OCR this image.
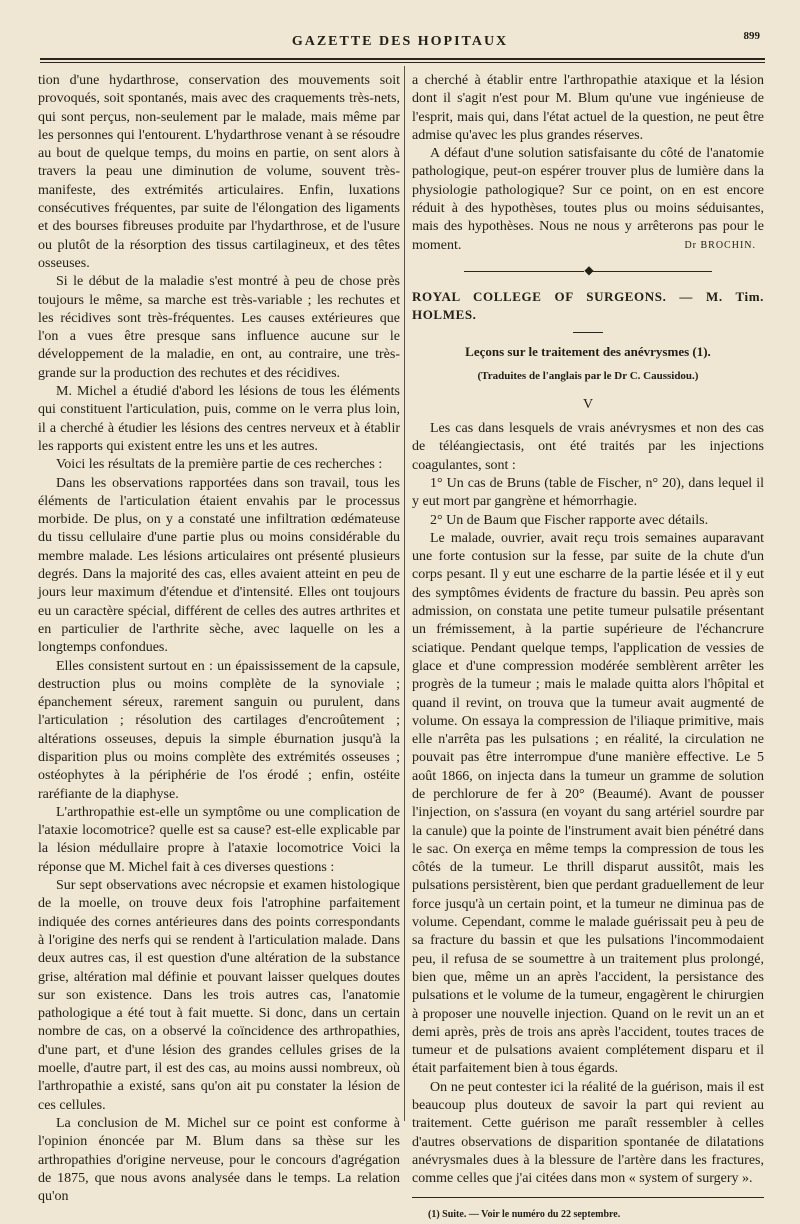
GAZETTE DES HOPITAUX	899

tion d'une hydarthrose, conservation des mouvements soit provoqués, soit spontanés, mais avec des craquements très-nets, qui sont perçus, non-seulement par le malade, mais même par les personnes qui l'entourent. L'hydarthrose venant à se résoudre au bout de quelque temps, du moins en partie, on sent alors à travers la peau une diminution de volume, souvent très-manifeste, des extrémités articulaires. Enfin, luxations consécutives fréquentes, par suite de l'élongation des ligaments et des bourses fibreuses produite par l'hydarthrose, et de l'usure ou plutôt de la résorption des tissus cartilagineux, et des têtes osseuses.

Si le début de la maladie s'est montré à peu de chose près toujours le même, sa marche est très-variable ; les rechutes et les récidives sont très-fréquentes. Les causes extérieures que l'on a vues être presque sans influence aucune sur le développement de la maladie, en ont, au contraire, une très-grande sur la production des rechutes et des récidives.

M. Michel a étudié d'abord les lésions de tous les éléments qui constituent l'articulation, puis, comme on le verra plus loin, il a cherché à étudier les lésions des centres nerveux et à établir les rapports qui existent entre les uns et les autres.

Voici les résultats de la première partie de ces recherches :

Dans les observations rapportées dans son travail, tous les éléments de l'articulation étaient envahis par le processus morbide. De plus, on y a constaté une infiltration œdémateuse du tissu cellulaire d'une partie plus ou moins considérable du membre malade. Les lésions articulaires ont présenté plusieurs degrés. Dans la majorité des cas, elles avaient atteint en peu de jours leur maximum d'étendue et d'intensité. Elles ont toujours eu un caractère spécial, différent de celles des autres arthrites et en particulier de l'arthrite sèche, avec laquelle on les a longtemps confondues.

Elles consistent surtout en : un épaississement de la capsule, destruction plus ou moins complète de la synoviale ; épanchement séreux, rarement sanguin ou purulent, dans l'articulation ; résolution des cartilages d'encroûtement ; altérations osseuses, depuis la simple éburnation jusqu'à la disparition plus ou moins complète des extrémités osseuses ; ostéophytes à la périphérie de l'os érodé ; enfin, ostéite raréfiante de la diaphyse.

L'arthropathie est-elle un symptôme ou une complication de l'ataxie locomotrice? quelle est sa cause? est-elle explicable par la lésion médullaire propre à l'ataxie locomotrice Voici la réponse que M. Michel fait à ces diverses questions :

Sur sept observations avec nécropsie et examen histologique de la moelle, on trouve deux fois l'atrophine parfaitement indiquée des cornes antérieures dans des points correspondants à l'origine des nerfs qui se rendent à l'articulation malade. Dans deux autres cas, il est question d'une altération de la substance grise, altération mal définie et pouvant laisser quelques doutes sur son existence. Dans les trois autres cas, l'anatomie pathologique a été tout à fait muette. Si donc, dans un certain nombre de cas, on a observé la coïncidence des arthropathies, d'une part, et d'une lésion des grandes cellules grises de la moelle, d'autre part, il est des cas, au moins aussi nombreux, où l'arthropathie a existé, sans qu'on ait pu constater la lésion de ces cellules.

La conclusion de M. Michel sur ce point est conforme à l'opinion énoncée par M. Blum dans sa thèse sur les arthropathies d'origine nerveuse, pour le concours d'agrégation de 1875, que nous avons analysée dans le temps. La relation qu'on

a cherché à établir entre l'arthropathie ataxique et la lésion dont il s'agit n'est pour M. Blum qu'une vue ingénieuse de l'esprit, mais qui, dans l'état actuel de la question, ne peut être admise qu'avec les plus grandes réserves.

A défaut d'une solution satisfaisante du côté de l'anatomie pathologique, peut-on espérer trouver plus de lumière dans la physiologie pathologique? Sur ce point, on en est encore réduit à des hypothèses, toutes plus ou moins séduisantes, mais des hypothèses. Nous ne nous y arrêterons pas pour le moment.	Dr BROCHIN.
◆

ROYAL COLLEGE OF SURGEONS. — M. Tim. HOLMES.

Leçons sur le traitement des anévrysmes (1).

(Traduites de l'anglais par le Dr C. Caussidou.)

V

Les cas dans lesquels de vrais anévrysmes et non des cas de téléangiectasis, ont été traités par les injections coagulantes, sont :

1° Un cas de Bruns (table de Fischer, n° 20), dans lequel il y eut mort par gangrène et hémorrhagie.

2° Un de Baum que Fischer rapporte avec détails.

Le malade, ouvrier, avait reçu trois semaines auparavant une forte contusion sur la fesse, par suite de la chute d'un corps pesant. Il y eut une escharre de la partie lésée et il y eut des symptômes évidents de fracture du bassin. Peu après son admission, on constata une petite tumeur pulsatile présentant un frémissement, à la partie supérieure de l'échancrure sciatique. Pendant quelque temps, l'application de vessies de glace et d'une compression modérée semblèrent arrêter les progrès de la tumeur ; mais le malade quitta alors l'hôpital et quand il revint, on trouva que la tumeur avait augmenté de volume. On essaya la compression de l'iliaque primitive, mais elle n'arrêta pas les pulsations ; en réalité, la circulation ne pouvait pas être interrompue d'une manière effective. Le 5 août 1866, on injecta dans la tumeur un gramme de solution de perchlorure de fer à 20° (Beaumé). Avant de pousser l'injection, on s'assura (en voyant du sang artériel sourdre par la canule) que la pointe de l'instrument avait bien pénétré dans le sac. On exerça en même temps la compression de tous les côtés de la tumeur. Le thrill disparut aussitôt, mais les pulsations persistèrent, bien que perdant graduellement de leur force jusqu'à un certain point, et la tumeur ne diminua pas de volume. Cependant, comme le malade guérissait peu à peu de sa fracture du bassin et que les pulsations l'incommodaient peu, il refusa de se soumettre à un traitement plus prolongé, bien que, même un an après l'accident, la persistance des pulsations et le volume de la tumeur, engagèrent le chirurgien à proposer une nouvelle injection. Quand on le revit un an et demi après, près de trois ans après l'accident, toutes traces de tumeur et de pulsations avaient complétement disparu et il était parfaitement bien à tous égards.

On ne peut contester ici la réalité de la guérison, mais il est beaucoup plus douteux de savoir la part qui revient au traitement. Cette guérison me paraît ressembler à celles d'autres observations de disparition spontanée de dilatations anévrysmales dues à la blessure de l'artère dans les fractures, comme celles que j'ai citées dans mon « system of surgery ».

(1) Suite. — Voir le numéro du 22 septembre.
